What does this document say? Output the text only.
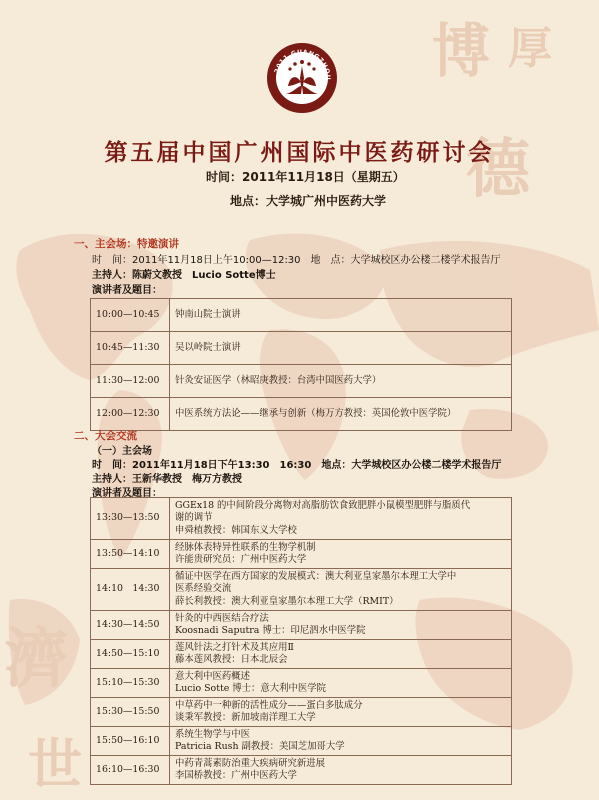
博 厚
德
濟
世
2011 GUANGZHOU
第五届中国广州国际中医药研讨会
时间：2011年11月18日（星期五）
地点：大学城广州中医药大学
一、主会场：特邀演讲
时　间：2011年11月18日上午10:00—12:30　地　点：大学城校区办公楼二楼学术报告厅
主持人：陈蔚文教授　Lucio Sotte博士
演讲者及题目：
10:00—10:45	钟南山院士演讲

10:45—11:30	吴以岭院士演讲

11:30—12:00	针灸安证医学（林昭庚教授：台湾中国医药大学）

12:00—12:30	中医系统方法论——继承与创新（梅万方教授：英国伦敦中医学院）
二、大会交流
（一）主会场
时　间：2011年11月18日下午13:30　16:30　地点：大学城校区办公楼二楼学术报告厅
主持人：王新华教授　梅万方教授
演讲者及题目：
13:30—13:50	GGEx18 的中间阶段分离物对高脂肪饮食致肥胖小鼠模型肥胖与脂质代
谢的调节
申舜植教授：韩国东义大学校

13:50—14:10	经脉体表特异性联系的生物学机制
许能贵研究员：广州中医药大学

14:10　14:30	循证中医学在西方国家的发展模式：澳大利亚皇家墨尔本理工大学中
医系经验交流
薛长利教授：澳大利亚皇家墨尔本理工大学（RMIT）

14:30—14:50	针灸的中西医结合疗法
Koosnadi Saputra 博士：印尼泗水中医学院

14:50—15:10	莲风针法之打针术及其应用Ⅱ
藤本莲风教授：日本北辰会

15:10—15:30	意大利中医药概述
Lucio Sotte 博士：意大利中医学院

15:30—15:50	中草药中一种新的活性成分——蛋白多肽成分
谈秉军教授：新加坡南洋理工大学

15:50—16:10	系统生物学与中医
Patricia Rush 副教授：美国芝加哥大学

16:10—16:30	中药青蒿素防治重大疾病研究新进展
李国桥教授：广州中医药大学
